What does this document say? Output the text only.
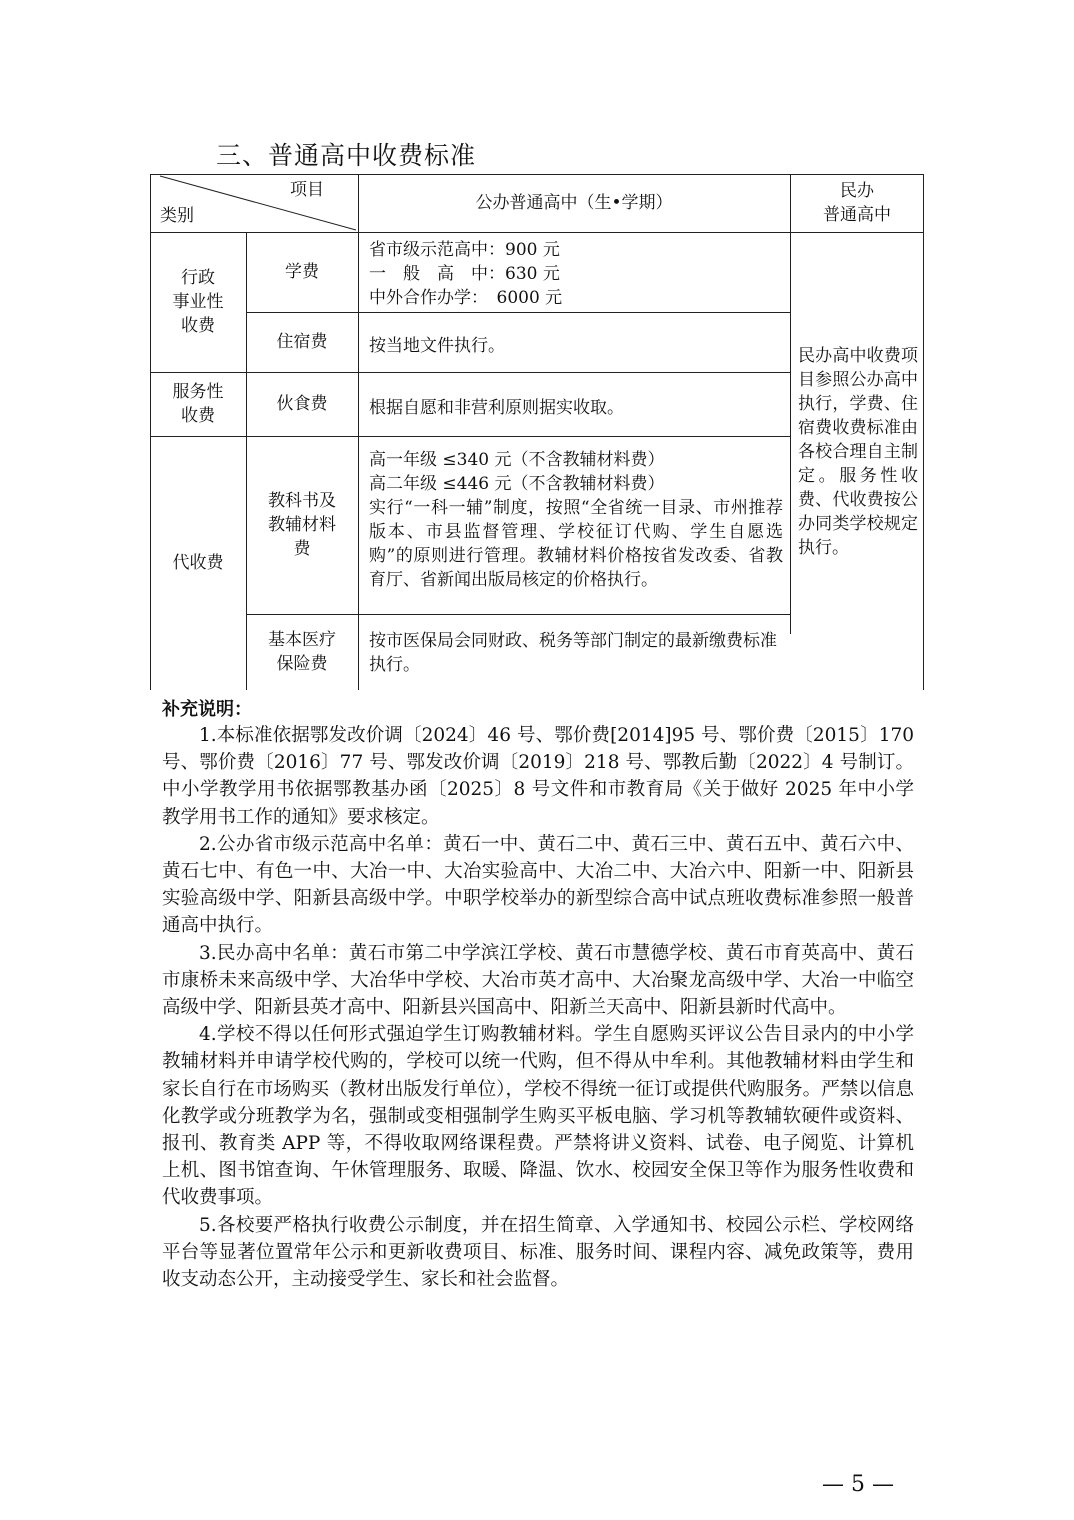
三、普通高中收费标准
项目
类别
公办普通高中（生•学期）
民办
普通高中
行政
事业性
收费
服务性
收费
代收费
学费
住宿费
伙食费
教科书及
教辅材料
费
基本医疗
保险费
省市级示范高中：900 元
一　般　高　中：630 元
中外合作办学：　6000 元
按当地文件执行。
根据自愿和非营利原则据实收取。
高一年级 ≤340 元（不含教辅材料费）
高二年级 ≤446 元（不含教辅材料费）
实行“一科一辅”制度，按照“全省统一目录、市州推荐版本、市县监督管理、学校征订代购、学生自愿选购”的原则进行管理。教辅材料价格按省发改委、省教育厅、省新闻出版局核定的价格执行。
按市医保局会同财政、税务等部门制定的最新缴费标准执行。
民办高中收费项目参照公办高中执行，学费、住宿费收费标准由各校合理自主制定。服务性收费、代收费按公办同类学校规定执行。
补充说明：

1.本标准依据鄂发改价调〔2024〕46 号、鄂价费[2014]95 号、鄂价费〔2015〕170 号、鄂价费〔2016〕77 号、鄂发改价调〔2019〕218 号、鄂教后勤〔2022〕4 号制订。中小学教学用书依据鄂教基办函〔2025〕8 号文件和市教育局《关于做好 2025 年中小学教学用书工作的通知》要求核定。

2.公办省市级示范高中名单：黄石一中、黄石二中、黄石三中、黄石五中、黄石六中、黄石七中、有色一中、大冶一中、大冶实验高中、大冶二中、大冶六中、阳新一中、阳新县实验高级中学、阳新县高级中学。中职学校举办的新型综合高中试点班收费标准参照一般普通高中执行。

3.民办高中名单：黄石市第二中学滨江学校、黄石市慧德学校、黄石市育英高中、黄石市康桥未来高级中学、大冶华中学校、大冶市英才高中、大冶聚龙高级中学、大冶一中临空高级中学、阳新县英才高中、阳新县兴国高中、阳新兰天高中、阳新县新时代高中。

4.学校不得以任何形式强迫学生订购教辅材料。学生自愿购买评议公告目录内的中小学教辅材料并申请学校代购的，学校可以统一代购，但不得从中牟利。其他教辅材料由学生和家长自行在市场购买（教材出版发行单位），学校不得统一征订或提供代购服务。严禁以信息化教学或分班教学为名，强制或变相强制学生购买平板电脑、学习机等教辅软硬件或资料、报刊、教育类 APP 等，不得收取网络课程费。严禁将讲义资料、试卷、电子阅览、计算机上机、图书馆查询、午休管理服务、取暖、降温、饮水、校园安全保卫等作为服务性收费和代收费事项。

5.各校要严格执行收费公示制度，并在招生简章、入学通知书、校园公示栏、学校网络平台等显著位置常年公示和更新收费项目、标准、服务时间、课程内容、减免政策等，费用收支动态公开，主动接受学生、家长和社会监督。

— 5 —
